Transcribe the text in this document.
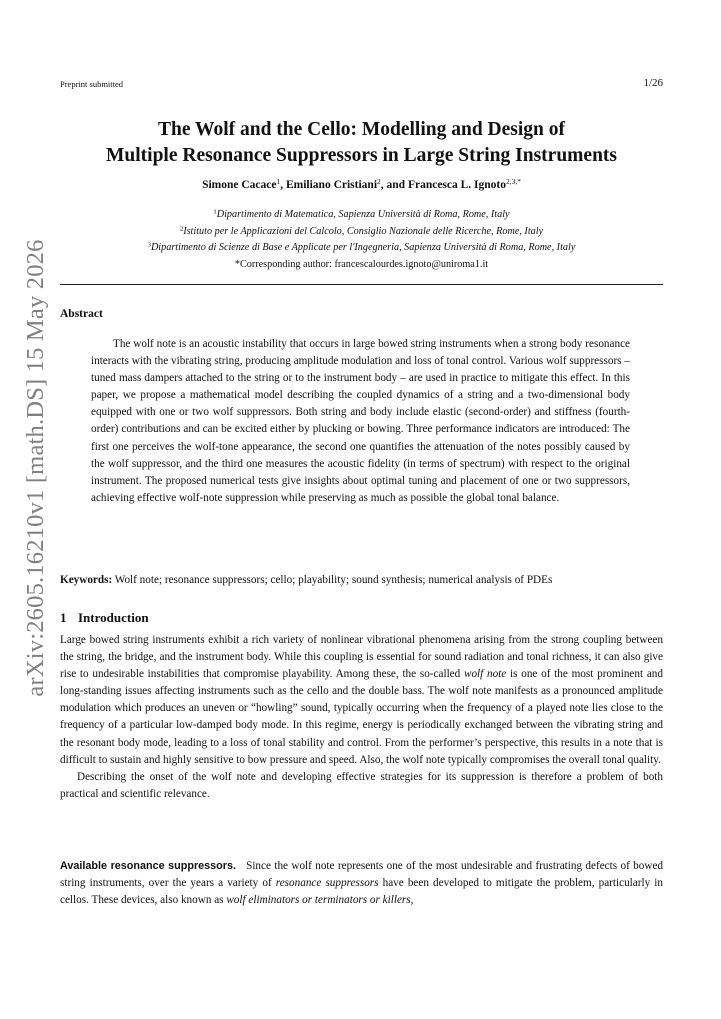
arXiv:2605.16210v1 [math.DS] 15 May 2026
Preprint submitted	1/26
The Wolf and the Cello: Modelling and Design of
Multiple Resonance Suppressors in Large String Instruments
Simone Cacace$^1$, Emiliano Cristiani$^2$, and Francesca L. Ignoto$^{2,3,*}$
$^1$Dipartimento di Matematica, Sapienza Università di Roma, Rome, Italy
$^2$Istituto per le Applicazioni del Calcolo, Consiglio Nazionale delle Ricerche, Rome, Italy
$^3$Dipartimento di Scienze di Base e Applicate per l'Ingegneria, Sapienza Università di Roma, Rome, Italy
*Corresponding author: francescalourdes.ignoto@uniroma1.it
Abstract
The wolf note is an acoustic instability that occurs in large bowed string instruments when a strong body resonance interacts with the vibrating string, producing amplitude modulation and loss of tonal control. Various wolf suppressors – tuned mass dampers attached to the string or to the instrument body – are used in practice to mitigate this effect. In this paper, we propose a mathematical model describing the coupled dynamics of a string and a two-dimensional body equipped with one or two wolf suppressors. Both string and body include elastic (second-order) and stiffness (fourth-order) contributions and can be excited either by plucking or bowing. Three performance indicators are introduced: The first one perceives the wolf-tone appearance, the second one quantifies the attenuation of the notes possibly caused by the wolf suppressor, and the third one measures the acoustic fidelity (in terms of spectrum) with respect to the original instrument. The proposed numerical tests give insights about optimal tuning and placement of one or two suppressors, achieving effective wolf-note suppression while preserving as much as possible the global tonal balance.
Keywords: Wolf note; resonance suppressors; cello; playability; sound synthesis; numerical analysis of PDEs
1 Introduction

Large bowed string instruments exhibit a rich variety of nonlinear vibrational phenomena arising from the strong coupling between the string, the bridge, and the instrument body. While this coupling is essential for sound radiation and tonal richness, it can also give rise to undesirable instabilities that compromise playability. Among these, the so-called wolf note is one of the most prominent and long-standing issues affecting instruments such as the cello and the double bass. The wolf note manifests as a pronounced amplitude modulation which produces an uneven or “howling” sound, typically occurring when the frequency of a played note lies close to the frequency of a particular low-damped body mode. In this regime, energy is periodically exchanged between the vibrating string and the resonant body mode, leading to a loss of tonal stability and control. From the performer’s perspective, this results in a note that is difficult to sustain and highly sensitive to bow pressure and speed. Also, the wolf note typically compromises the overall tonal quality.

Describing the onset of the wolf note and developing effective strategies for its suppression is therefore a problem of both practical and scientific relevance.

Available resonance suppressors.   Since the wolf note represents one of the most undesirable and frustrating defects of bowed string instruments, over the years a variety of resonance suppressors have been developed to mitigate the problem, particularly in cellos. These devices, also known as wolf eliminators or terminators or killers,
